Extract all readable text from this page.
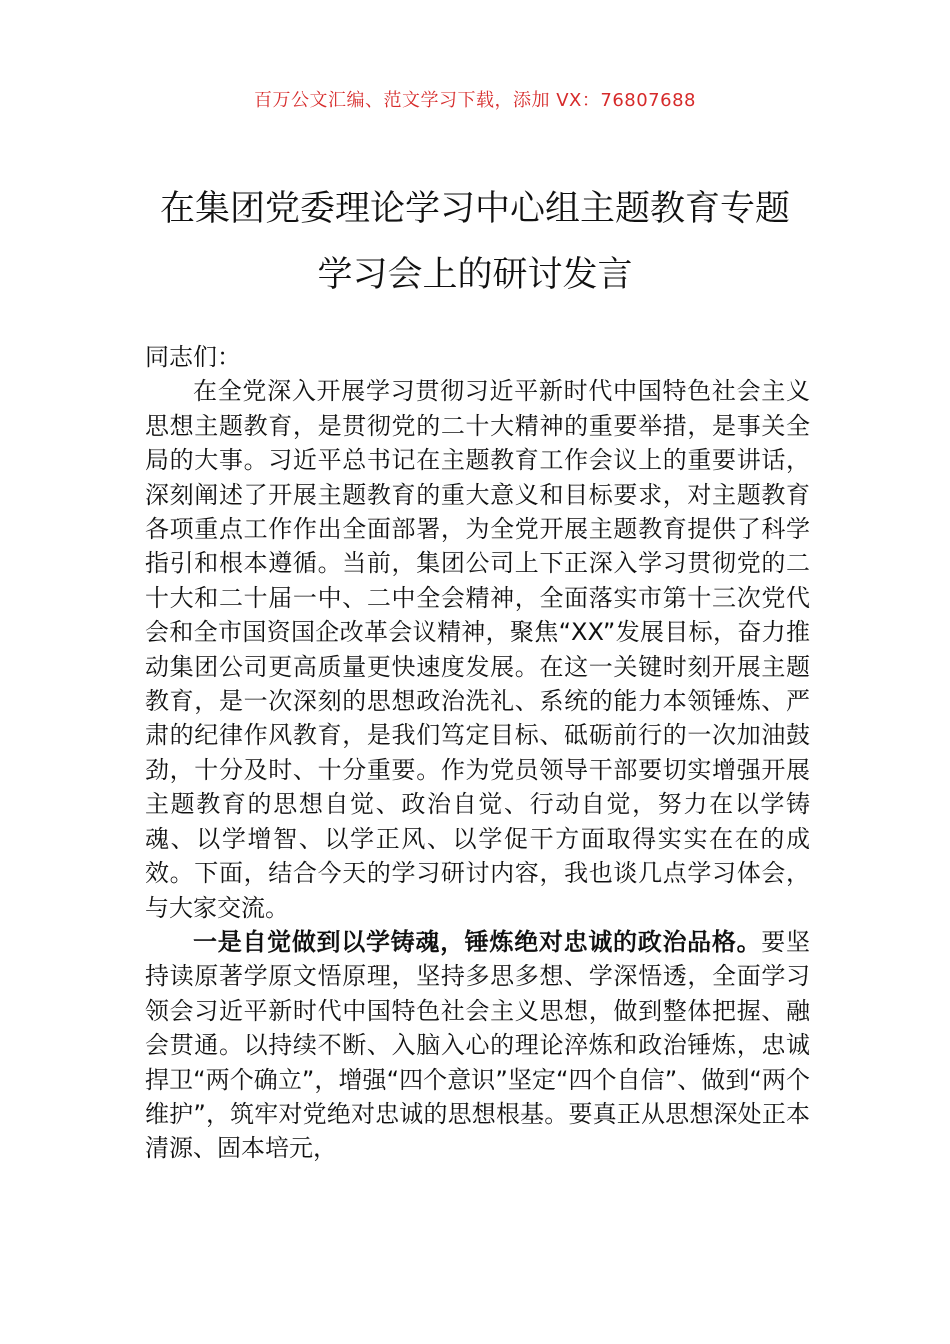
百万公文汇编、范文学习下载，添加 VX：76807688
在集团党委理论学习中心组主题教育专题
学习会上的研讨发言

同志们：

在全党深入开展学习贯彻习近平新时代中国特色社会主义思想主题教育，是贯彻党的二十大精神的重要举措，是事关全局的大事。习近平总书记在主题教育工作会议上的重要讲话，深刻阐述了开展主题教育的重大意义和目标要求，对主题教育各项重点工作作出全面部署，为全党开展主题教育提供了科学指引和根本遵循。当前，集团公司上下正深入学习贯彻党的二十大和二十届一中、二中全会精神，全面落实市第十三次党代会和全市国资国企改革会议精神，聚焦“XX”发展目标，奋力推动集团公司更高质量更快速度发展。在这一关键时刻开展主题教育，是一次深刻的思想政治洗礼、系统的能力本领锤炼、严肃的纪律作风教育，是我们笃定目标、砥砺前行的一次加油鼓劲，十分及时、十分重要。作为党员领导干部要切实增强开展主题教育的思想自觉、政治自觉、行动自觉，努力在以学铸魂、以学增智、以学正风、以学促干方面取得实实在在的成效。下面，结合今天的学习研讨内容，我也谈几点学习体会，与大家交流。

一是自觉做到以学铸魂，锤炼绝对忠诚的政治品格。要坚持读原著学原文悟原理，坚持多思多想、学深悟透，全面学习领会习近平新时代中国特色社会主义思想，做到整体把握、融会贯通。以持续不断、入脑入心的理论淬炼和政治锤炼，忠诚捍卫“两个确立”，增强“四个意识”坚定“四个自信”、做到“两个维护”，筑牢对党绝对忠诚的思想根基。要真正从思想深处正本清源、固本培元，
